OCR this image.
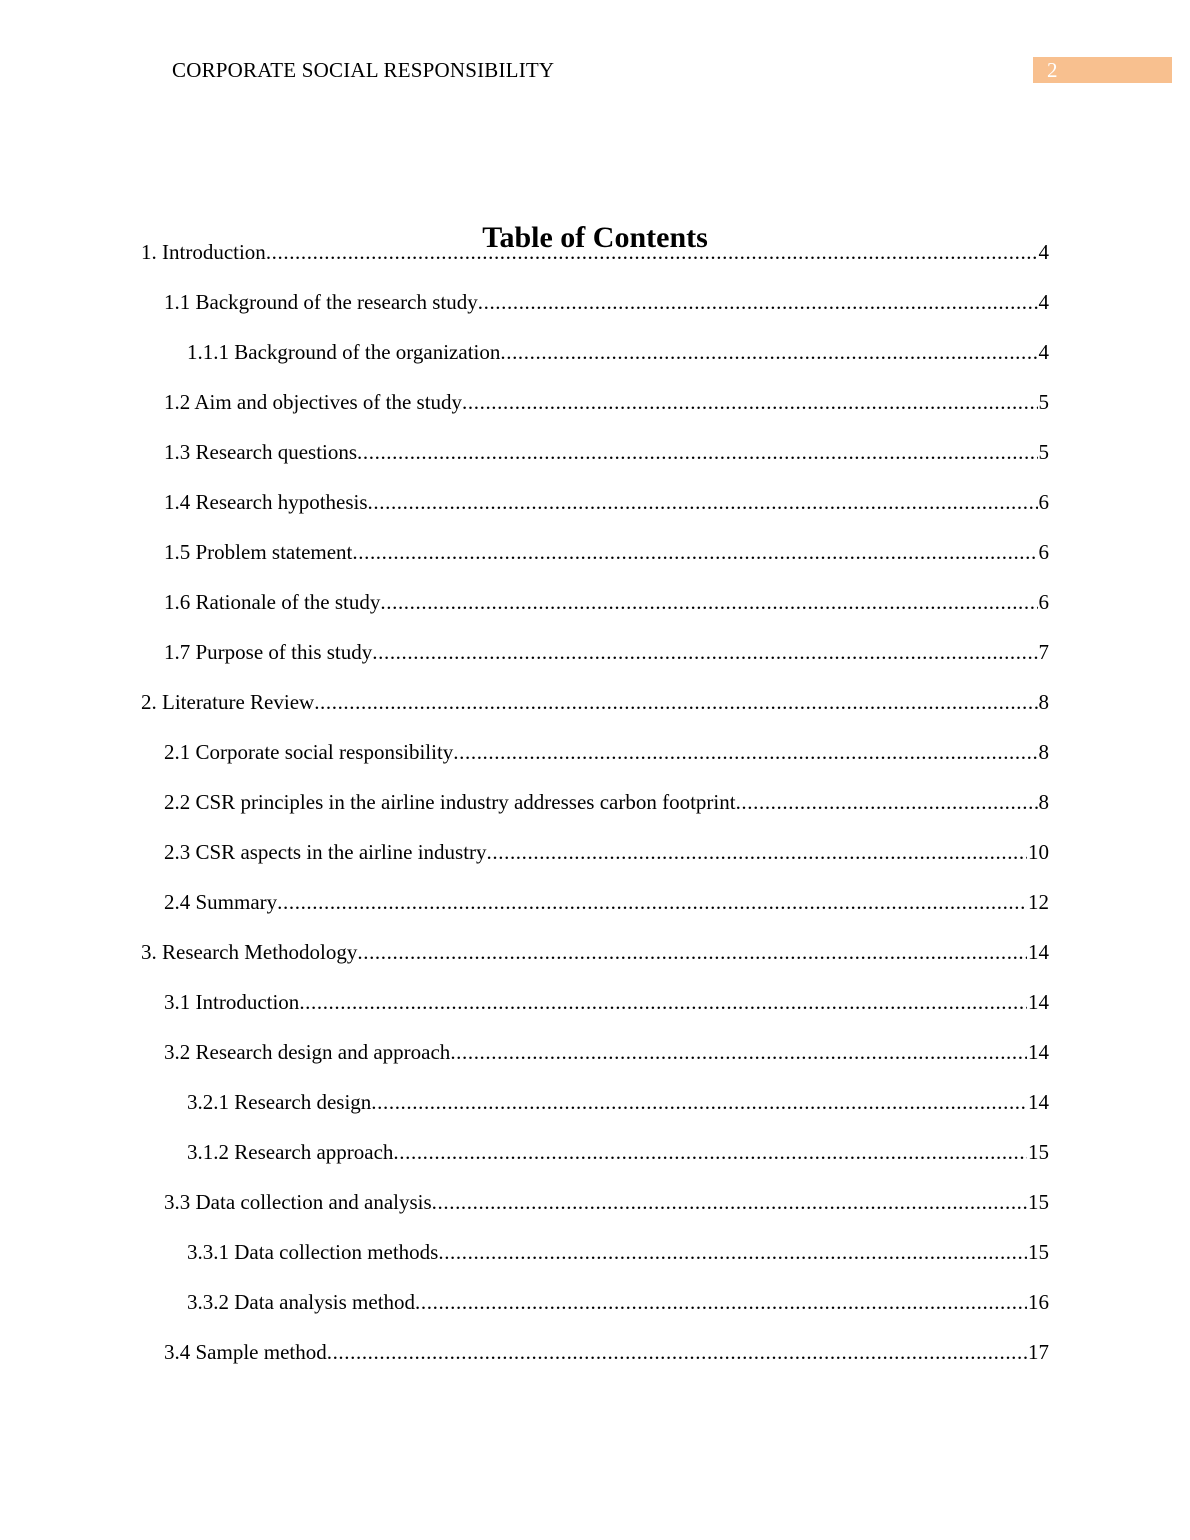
CORPORATE SOCIAL RESPONSIBILITY	2
Table of Contents
1. Introduction .....	4
1.1 Background of the research study .....	4
1.1.1 Background of the organization .....	4
1.2 Aim and objectives of the study .....	5
1.3 Research questions .....	5
1.4 Research hypothesis .....	6
1.5 Problem statement .....	6
1.6 Rationale of the study .....	6
1.7 Purpose of this study .....	7
2. Literature Review .....	8
2.1 Corporate social responsibility .....	8
2.2 CSR principles in the airline industry addresses carbon footprint .....	8
2.3 CSR aspects in the airline industry .....	10
2.4 Summary .....	12
3. Research Methodology .....	14
3.1 Introduction .....	14
3.2 Research design and approach .....	14
3.2.1 Research design .....	14
3.1.2 Research approach .....	15
3.3 Data collection and analysis .....	15
3.3.1 Data collection methods .....	15
3.3.2 Data analysis method .....	16
3.4 Sample method .....	17
